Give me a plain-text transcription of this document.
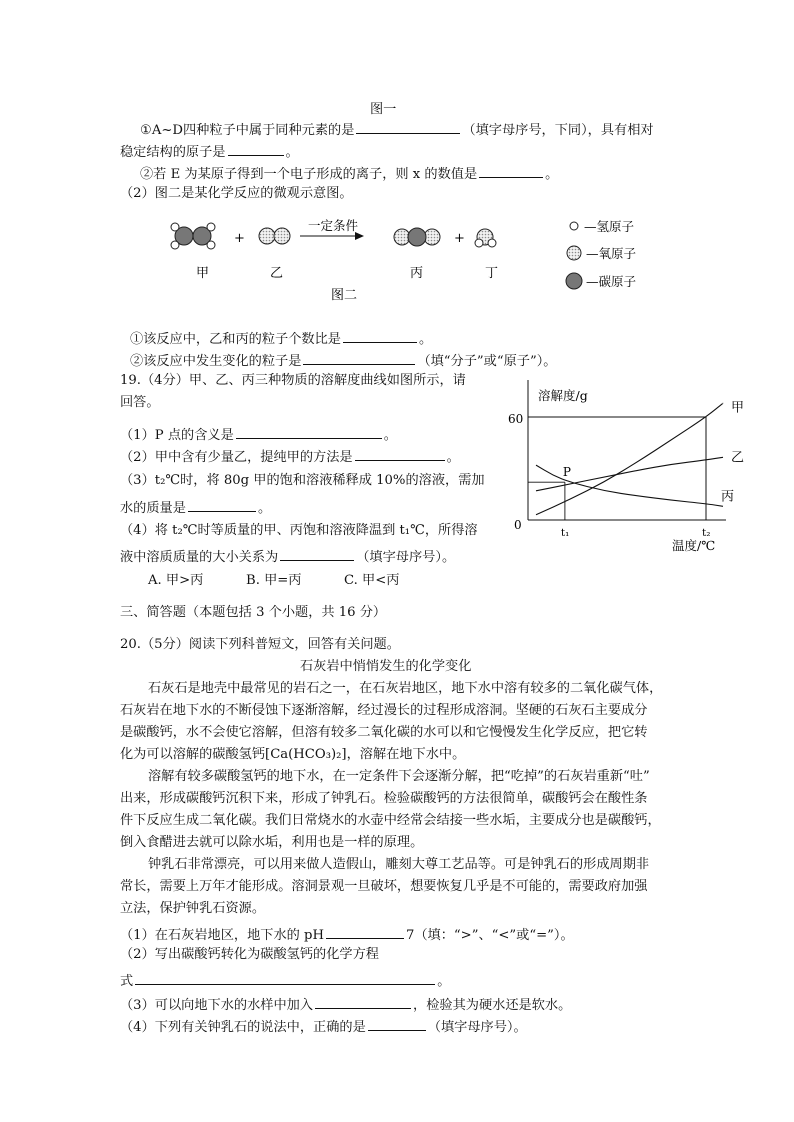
图一
①A~D四种粒子中属于同种元素的是	（填字母序号，下同），具有相对
稳定结构的原子是	。
②若 E 为某原子得到一个电子形成的离子，则 x 的数值是	。
（2）图二是某化学反应的微观示意图。
+
一定条件
+
甲	乙	丙	丁
图二
—氢原子
—氧原子
—碳原子
①该反应中，乙和丙的粒子个数比是	。
②该反应中发生变化的粒子是	（填“分子”或“原子”）。
19.（4分）甲、乙、丙三种物质的溶解度曲线如图所示，请
回答。
（1）P 点的含义是	。
（2）甲中含有少量乙，提纯甲的方法是	。
（3）t₂℃时，将 80g 甲的饱和溶液稀释成 10%的溶液，需加
水的质量是	。
（4）将 t₂℃时等质量的甲、丙饱和溶液降温到 t₁℃，所得溶
液中溶质质量的大小关系为	（填字母序号）。
A. 甲>丙	B. 甲=丙	C. 甲<丙
溶解度/g
温度/℃
60
0
t₁	t₂
P
甲
乙
丙
三、简答题（本题包括 3 个小题，共 16 分）
20.（5分）阅读下列科普短文，回答有关问题。
石灰岩中悄悄发生的化学变化
石灰石是地壳中最常见的岩石之一，在石灰岩地区，地下水中溶有较多的二氧化碳气体，
石灰岩在地下水的不断侵蚀下逐渐溶解，经过漫长的过程形成溶洞。坚硬的石灰石主要成分
是碳酸钙，水不会使它溶解，但溶有较多二氧化碳的水可以和它慢慢发生化学反应，把它转
化为可以溶解的碳酸氢钙[Ca(HCO₃)₂]，溶解在地下水中。
溶解有较多碳酸氢钙的地下水，在一定条件下会逐渐分解，把“吃掉”的石灰岩重新“吐”
出来，形成碳酸钙沉积下来，形成了钟乳石。检验碳酸钙的方法很简单，碳酸钙会在酸性条
件下反应生成二氧化碳。我们日常烧水的水壶中经常会结接一些水垢，主要成分也是碳酸钙，
倒入食醋进去就可以除水垢，利用也是一样的原理。
钟乳石非常漂亮，可以用来做人造假山，雕刻大尊工艺品等。可是钟乳石的形成周期非
常长，需要上万年才能形成。溶洞景观一旦破坏，想要恢复几乎是不可能的，需要政府加强
立法，保护钟乳石资源。
（1）在石灰岩地区，地下水的 pH	7（填：“>”、“<”或“=”）。
（2）写出碳酸钙转化为碳酸氢钙的化学方程
式	。
（3）可以向地下水的水样中加入	，检验其为硬水还是软水。
（4）下列有关钟乳石的说法中，正确的是	（填字母序号）。
